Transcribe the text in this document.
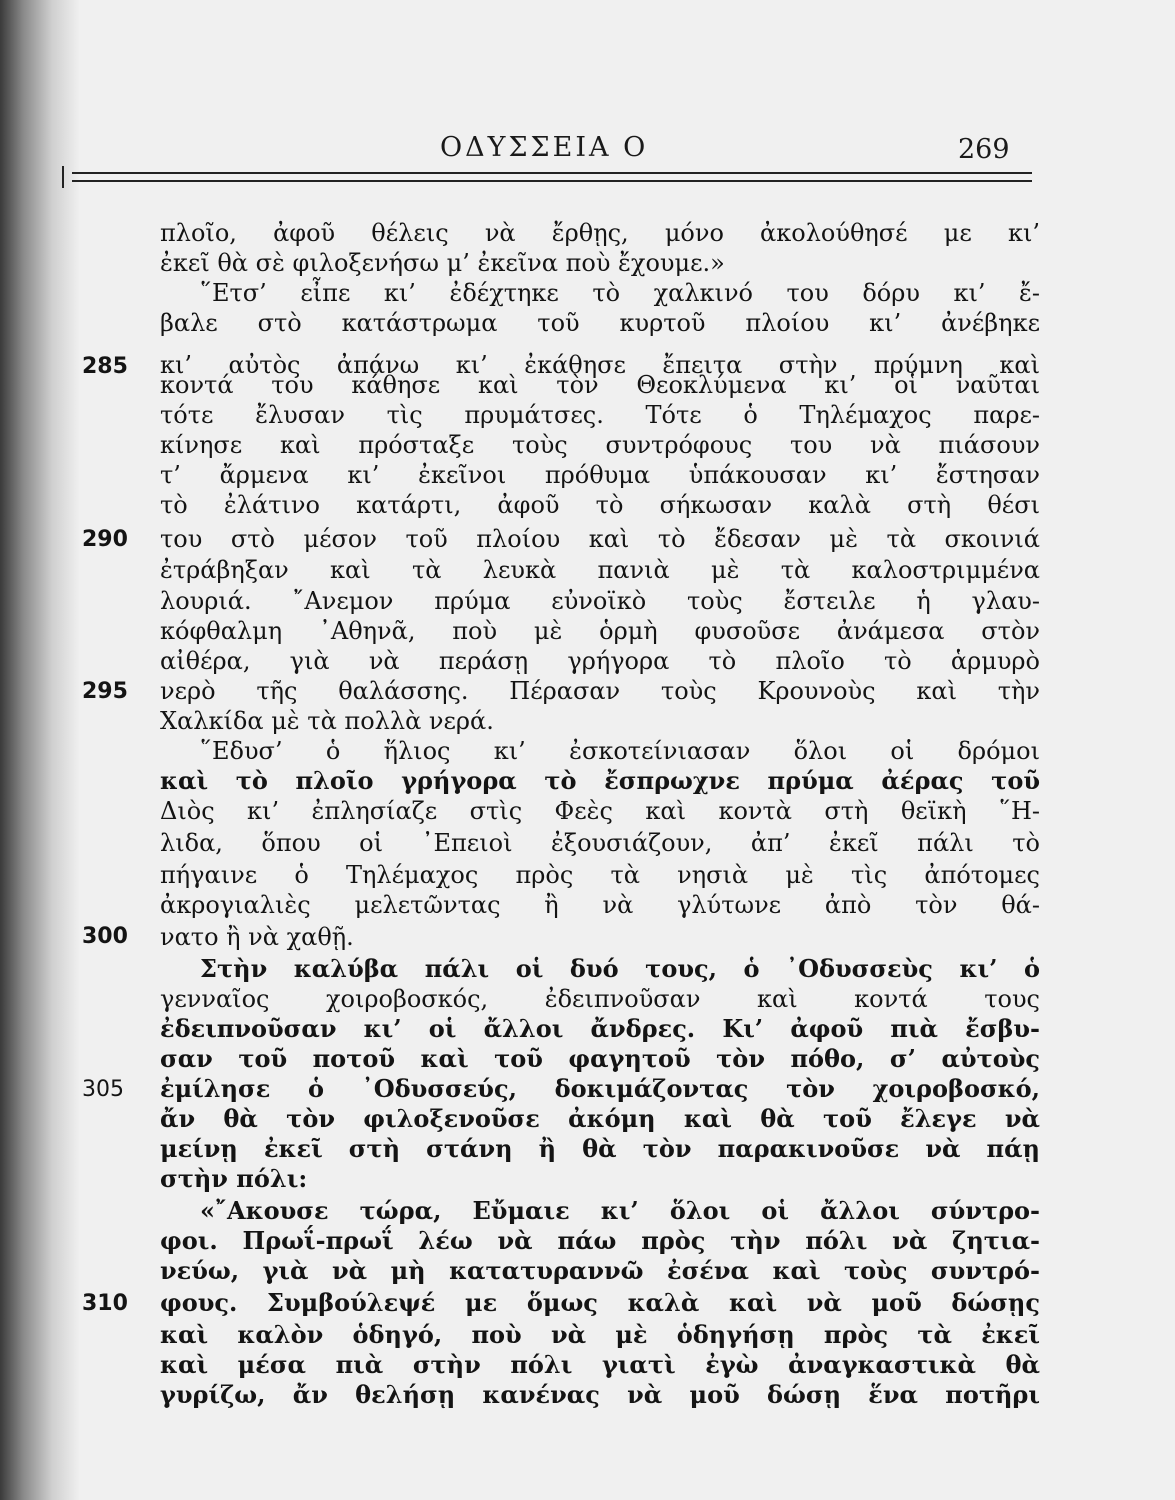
ΟΔΥΣΣΕΙΑ Ο	269
285
290
295
300
305
310
πλοῖο, ἀφοῦ θέλεις νὰ ἔρθῃς, μόνο ἀκολούθησέ με κι’
ἐκεῖ θὰ σὲ φιλοξενήσω μ’ ἐκεῖνα ποὺ ἔχουμε.»
῞Ετσ’ εἶπε κι’ ἐδέχτηκε τὸ χαλκινό του δόρυ κι’ ἔ-
βαλε στὸ κατάστρωμα τοῦ κυρτοῦ πλοίου κι’ ἀνέβηκε
κι’ αὐτὸς ἀπάνω κι’ ἐκάθησε ἔπειτα στὴν πρύμνη καὶ
κοντά του κάθησε καὶ τὸν Θεοκλύμενα κι’ οἱ ναῦται
τότε ἔλυσαν τὶς πρυμάτσες. Τότε ὁ Τηλέμαχος παρε-
κίνησε καὶ πρόσταξε τοὺς συντρόφους του νὰ πιάσουν
τ’ ἄρμενα κι’ ἐκεῖνοι πρόθυμα ὑπάκουσαν κι’ ἔστησαν
τὸ ἐλάτινο κατάρτι, ἀφοῦ τὸ σήκωσαν καλὰ στὴ θέσι
του στὸ μέσον τοῦ πλοίου καὶ τὸ ἔδεσαν μὲ τὰ σκοινιά
ἐτράβηξαν καὶ τὰ λευκὰ πανιὰ μὲ τὰ καλοστριμμένα
λουριά. ῎Ανεμον πρύμα εὐνοϊκὸ τοὺς ἔστειλε ἡ γλαυ-
κόφθαλμη ᾿Αθηνᾶ, ποὺ μὲ ὁρμὴ φυσοῦσε ἀνάμεσα στὸν
αἰθέρα, γιὰ νὰ περάσῃ γρήγορα τὸ πλοῖο τὸ ἁρμυρὸ
νερὸ τῆς θαλάσσης. Πέρασαν τοὺς Κρουνοὺς καὶ τὴν
Χαλκίδα μὲ τὰ πολλὰ νερά.
῞Εδυσ’ ὁ ἥλιος κι’ ἐσκοτείνιασαν ὅλοι οἱ δρόμοι
καὶ τὸ πλοῖο γρήγορα τὸ ἔσπρωχνε πρύμα ἀέρας τοῦ
Διὸς κι’ ἐπλησίαζε στὶς Φεὲς καὶ κοντὰ στὴ θεϊκὴ ῞Η-
λιδα, ὅπου οἱ ᾿Επειοὶ ἐξουσιάζουν, ἀπ’ ἐκεῖ πάλι τὸ
πήγαινε ὁ Τηλέμαχος πρὸς τὰ νησιὰ μὲ τὶς ἀπότομες
ἀκρογιαλιὲς μελετῶντας ἢ νὰ γλύτωνε ἀπὸ τὸν θά-
νατο ἢ νὰ χαθῇ.
Στὴν καλύβα πάλι οἱ δυό τους, ὁ ᾿Οδυσσεὺς κι’ ὁ
γενναῖος χοιροβοσκός, ἐδειπνοῦσαν καὶ κοντά τους
ἐδειπνοῦσαν κι’ οἱ ἄλλοι ἄνδρες. Κι’ ἀφοῦ πιὰ ἔσβυ-
σαν τοῦ ποτοῦ καὶ τοῦ φαγητοῦ τὸν πόθο, σ’ αὐτοὺς
ἐμίλησε ὁ ᾿Οδυσσεύς, δοκιμάζοντας τὸν χοιροβοσκό,
ἄν θὰ τὸν φιλοξενοῦσε ἀκόμη καὶ θὰ τοῦ ἔλεγε νὰ
μείνῃ ἐκεῖ στὴ στάνη ἢ θὰ τὸν παρακινοῦσε νὰ πάῃ
στὴν πόλι:
«῎Ακουσε τώρα, Εὔμαιε κι’ ὅλοι οἱ ἄλλοι σύντρο-
φοι. Πρωΐ-πρωΐ λέω νὰ πάω πρὸς τὴν πόλι νὰ ζητια-
νεύω, γιὰ νὰ μὴ κατατυραννῶ ἐσένα καὶ τοὺς συντρό-
φους. Συμβούλεψέ με ὅμως καλὰ καὶ νὰ μοῦ δώσῃς
καὶ καλὸν ὁδηγό, ποὺ νὰ μὲ ὁδηγήσῃ πρὸς τὰ ἐκεῖ
καὶ μέσα πιὰ στὴν πόλι γιατὶ ἐγὼ ἀναγκαστικὰ θὰ
γυρίζω, ἄν θελήσῃ κανένας νὰ μοῦ δώσῃ ἕνα ποτῆρι
